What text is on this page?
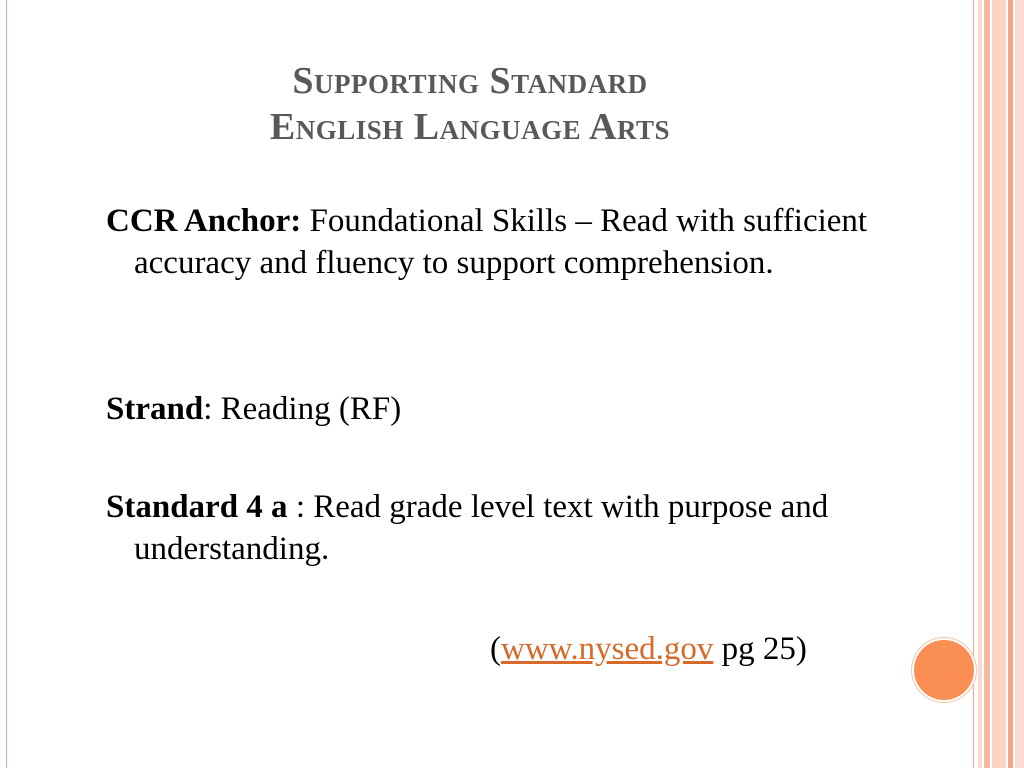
Supporting Standard
English Language Arts

CCR Anchor: Foundational Skills – Read with sufficient accuracy and fluency to support comprehension.

Strand: Reading (RF)

Standard 4 a : Read grade level text with purpose and understanding.

(www.nysed.gov pg 25)
